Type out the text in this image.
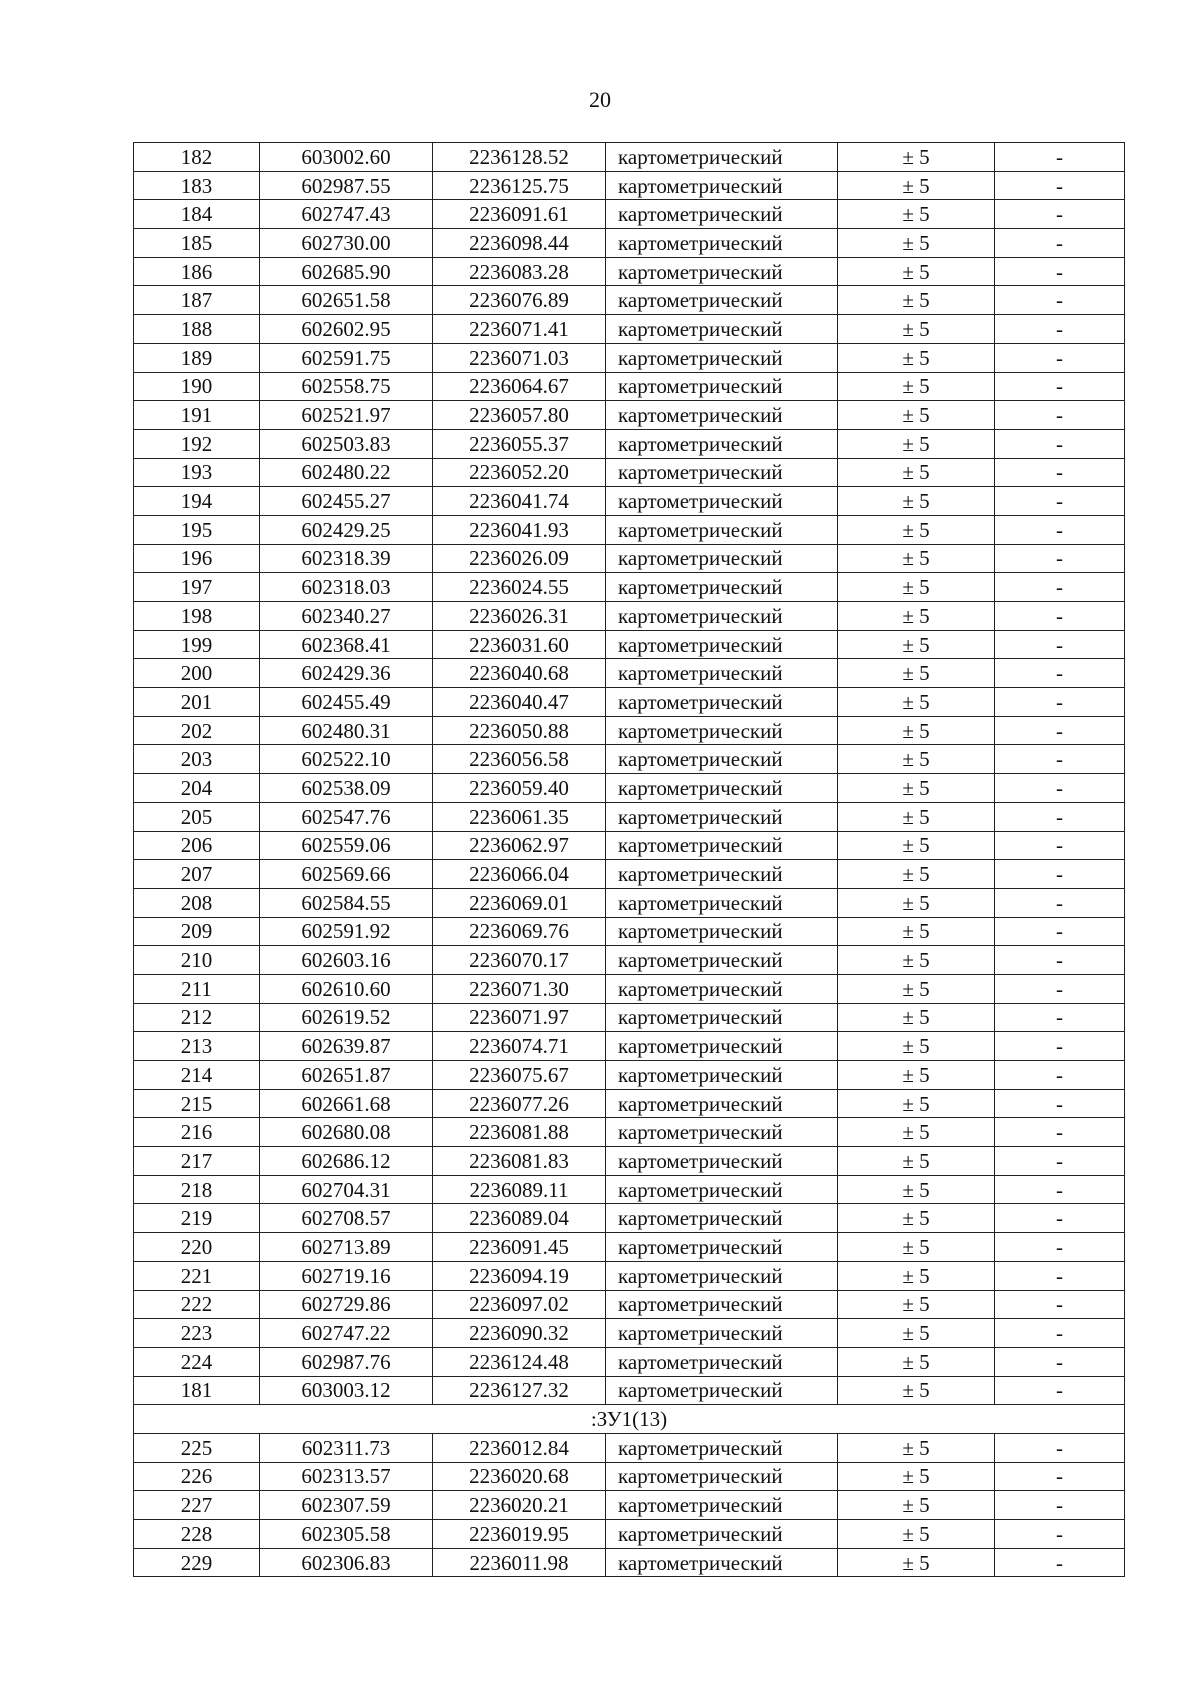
20
182	603002.60	2236128.52	картометрический	± 5	-
183	602987.55	2236125.75	картометрический	± 5	-
184	602747.43	2236091.61	картометрический	± 5	-
185	602730.00	2236098.44	картометрический	± 5	-
186	602685.90	2236083.28	картометрический	± 5	-
187	602651.58	2236076.89	картометрический	± 5	-
188	602602.95	2236071.41	картометрический	± 5	-
189	602591.75	2236071.03	картометрический	± 5	-
190	602558.75	2236064.67	картометрический	± 5	-
191	602521.97	2236057.80	картометрический	± 5	-
192	602503.83	2236055.37	картометрический	± 5	-
193	602480.22	2236052.20	картометрический	± 5	-
194	602455.27	2236041.74	картометрический	± 5	-
195	602429.25	2236041.93	картометрический	± 5	-
196	602318.39	2236026.09	картометрический	± 5	-
197	602318.03	2236024.55	картометрический	± 5	-
198	602340.27	2236026.31	картометрический	± 5	-
199	602368.41	2236031.60	картометрический	± 5	-
200	602429.36	2236040.68	картометрический	± 5	-
201	602455.49	2236040.47	картометрический	± 5	-
202	602480.31	2236050.88	картометрический	± 5	-
203	602522.10	2236056.58	картометрический	± 5	-
204	602538.09	2236059.40	картометрический	± 5	-
205	602547.76	2236061.35	картометрический	± 5	-
206	602559.06	2236062.97	картометрический	± 5	-
207	602569.66	2236066.04	картометрический	± 5	-
208	602584.55	2236069.01	картометрический	± 5	-
209	602591.92	2236069.76	картометрический	± 5	-
210	602603.16	2236070.17	картометрический	± 5	-
211	602610.60	2236071.30	картометрический	± 5	-
212	602619.52	2236071.97	картометрический	± 5	-
213	602639.87	2236074.71	картометрический	± 5	-
214	602651.87	2236075.67	картометрический	± 5	-
215	602661.68	2236077.26	картометрический	± 5	-
216	602680.08	2236081.88	картометрический	± 5	-
217	602686.12	2236081.83	картометрический	± 5	-
218	602704.31	2236089.11	картометрический	± 5	-
219	602708.57	2236089.04	картометрический	± 5	-
220	602713.89	2236091.45	картометрический	± 5	-
221	602719.16	2236094.19	картометрический	± 5	-
222	602729.86	2236097.02	картометрический	± 5	-
223	602747.22	2236090.32	картометрический	± 5	-
224	602987.76	2236124.48	картометрический	± 5	-
181	603003.12	2236127.32	картометрический	± 5	-
:ЗУ1(13)					
225	602311.73	2236012.84	картометрический	± 5	-
226	602313.57	2236020.68	картометрический	± 5	-
227	602307.59	2236020.21	картометрический	± 5	-
228	602305.58	2236019.95	картометрический	± 5	-
229	602306.83	2236011.98	картометрический	± 5	-
